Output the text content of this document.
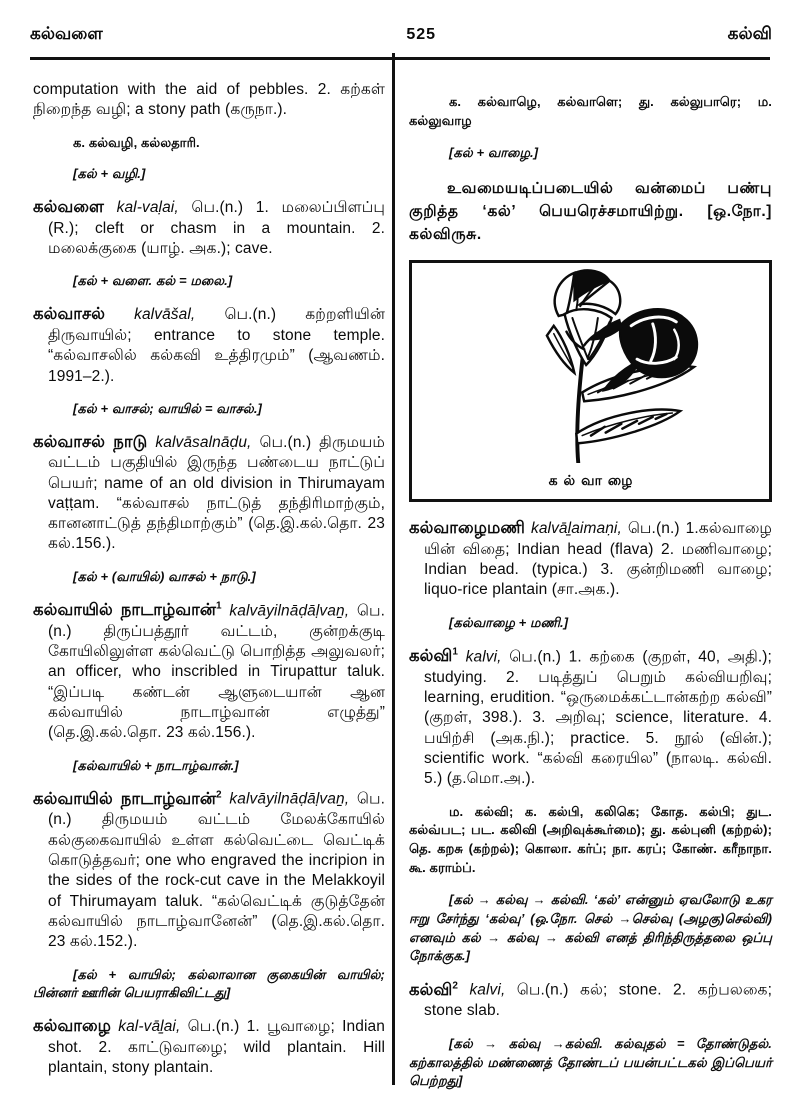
கல்வளை	525	கல்வி

computation with the aid of pebbles. 2. கற்கள் நிறைந்த வழி; a stony path (கருநா.).

க. கல்வழி, கல்லதாரி.

[கல் + வழி.]

கல்வளை kal-vaḷai, பெ.(n.) 1. மலைப்பிளப்பு (R.); cleft or chasm in a mountain. 2. மலைக்குகை (யாழ். அக.); cave.

[கல் + வளை. கல் = மலை.]

கல்வாசல் kalvāšal, பெ.(n.) கற்றளியின் திருவாயில்; entrance to stone temple. “கல்வாசலில் கல்கவி உத்திரமும்” (ஆவணம். 1991–2.).

[கல் + வாசல்; வாயில் = வாசல்.]

கல்வாசல் நாடு kalvāsalnāḍu, பெ.(n.) திருமயம் வட்டம் பகுதியில் இருந்த பண்டைய நாட்டுப் பெயர்; name of an old division in Thirumayam vaṭṭam. “கல்வாசல் நாட்டுத் தந்திரிமாற்கும், கானனாட்டுத் தந்திமாற்கும்” (தெ.இ.கல்.தொ. 23 கல்.156.).

[கல் + (வாயில்) வாசல் + நாடு.]

கல்வாயில் நாடாழ்வான்$^1$ kalvāyilnāḍāḷvaṉ, பெ.(n.) திருப்பத்தூர் வட்டம், குன்றக்குடி கோயிலிலுள்ள கல்வெட்டு பொறித்த அலுவலர்; an officer, who inscribled in Tirupattur taluk. “இப்படி கண்டன் ஆளுடையான் ஆன கல்வாயில் நாடாழ்வான் எழுத்து” (தெ.இ.கல்.தொ. 23 கல்.156.).

[கல்வாயில் + நாடாழ்வான்.]

கல்வாயில் நாடாழ்வான்$^2$ kalvāyilnāḍāḷvaṉ, பெ.(n.) திருமயம் வட்டம் மேலக்கோயில் கல்குகைவாயில் உள்ள கல்வெட்டை வெட்டிக் கொடுத்தவர்; one who engraved the incripion in the sides of the rock-cut cave in the Melakkoyil of Thirumayam taluk. “கல்வெட்டிக் குடுத்தேன் கல்வாயில் நாடாழ்வானேன்” (தெ.இ.கல்.தொ. 23 கல்.152.).

[கல் + வாயில்; கல்லாலான குகையின் வாயில்; பின்னர் ஊரின் பெயராகிவிட்டது]

கல்வாழை kal-vāḻai, பெ.(n.) 1. பூவாழை; Indian shot. 2. காட்டுவாழை; wild plantain. Hill plantain, stony plantain.

க. கல்வாழெ, கல்வாளெ; து. கல்லுபாரெ; ம. கல்லுவாழ

[கல் + வாழை.]

உவமையடிப்படையில் வன்மைப் பண்பு குறித்த ‘கல்’ பெயரெச்சமாயிற்று. [ஒ.நோ.] கல்விருசு.

கல்வாழை

கல்வாழைமணி kalvāḻaimaṇi, பெ.(n.) 1.கல்வாழை யின் விதை; Indian head (flava) 2. மணிவாழை; Indian bead. (typica.) 3. குன்றிமணி வாழை; liquo-rice plantain (சா.அக.).

[கல்வாழை + மணி.]

கல்வி$^1$ kalvi, பெ.(n.) 1. கற்கை (குறள், 40, அதி.); studying. 2. படித்துப் பெறும் கல்வியறிவு; learning, erudition. “ஒருமைக்கட்டான்கற்ற கல்வி” (குறள், 398.). 3. அறிவு; science, literature. 4. பயிற்சி (அக.நி.); practice. 5. நூல் (வின்.); scientific work. “கல்வி கரையில” (நாலடி. கல்வி. 5.) (த.மொ.அ.).

ம. கல்வி; க. கல்பி, கலிகெ; கோத. கல்பி; துட. கல்வ்பட; பட. கலிவி (அறிவுக்கூர்மை); து. கல்புனி (கற்றல்); தெ. கறசு (கற்றல்); கொலா. கர்ப்; நா. கரப்; கோண். கரீநாநா. கூ. கராம்ப்.

[கல் → கல்வு → கல்வி. ‘கல்’ என்னும் ஏவலோடு உகர ஈறு சேர்ந்து ‘கல்வு’ (ஒ.நோ. செல் →செல்வு (அழகு)செல்வி) எனவும் கல் → கல்வு → கல்வி எனத் திரிந்திருத்தலை ஒப்பு நோக்குக.]

கல்வி$^2$ kalvi, பெ.(n.) கல்; stone. 2. கற்பலகை; stone slab.

[கல் → கல்வு →கல்வி. கல்வுதல் = தோண்டுதல். கற்காலத்தில் மண்ணைத் தோண்டப் பயன்பட்டகல் இப்பெயர் பெற்றது]
